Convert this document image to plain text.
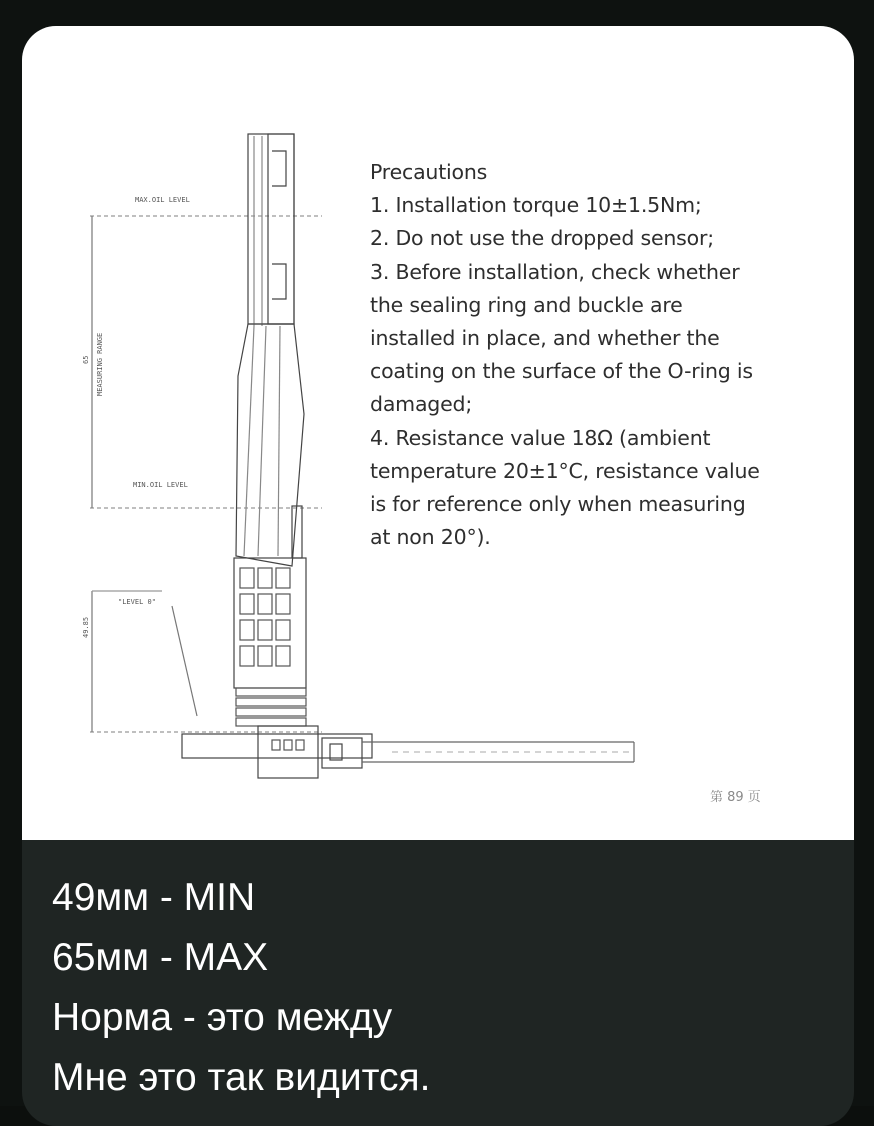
MAX.OIL LEVEL
MIN.OIL LEVEL
"LEVEL 0"
MEASURING RANGE
65
49.85
Precautions
1. Installation torque 10±1.5Nm;
2. Do not use the dropped sensor;
3. Before installation, check whether
the sealing ring and buckle are
installed in place, and whether the
coating on the surface of the O-ring is
damaged;
4. Resistance value 18Ω (ambient
temperature 20±1°C, resistance value
is for reference only when measuring
at non 20°).
第 89 页
49мм - MIN
65мм - MAX
Норма - это между
Мне это так видится.
